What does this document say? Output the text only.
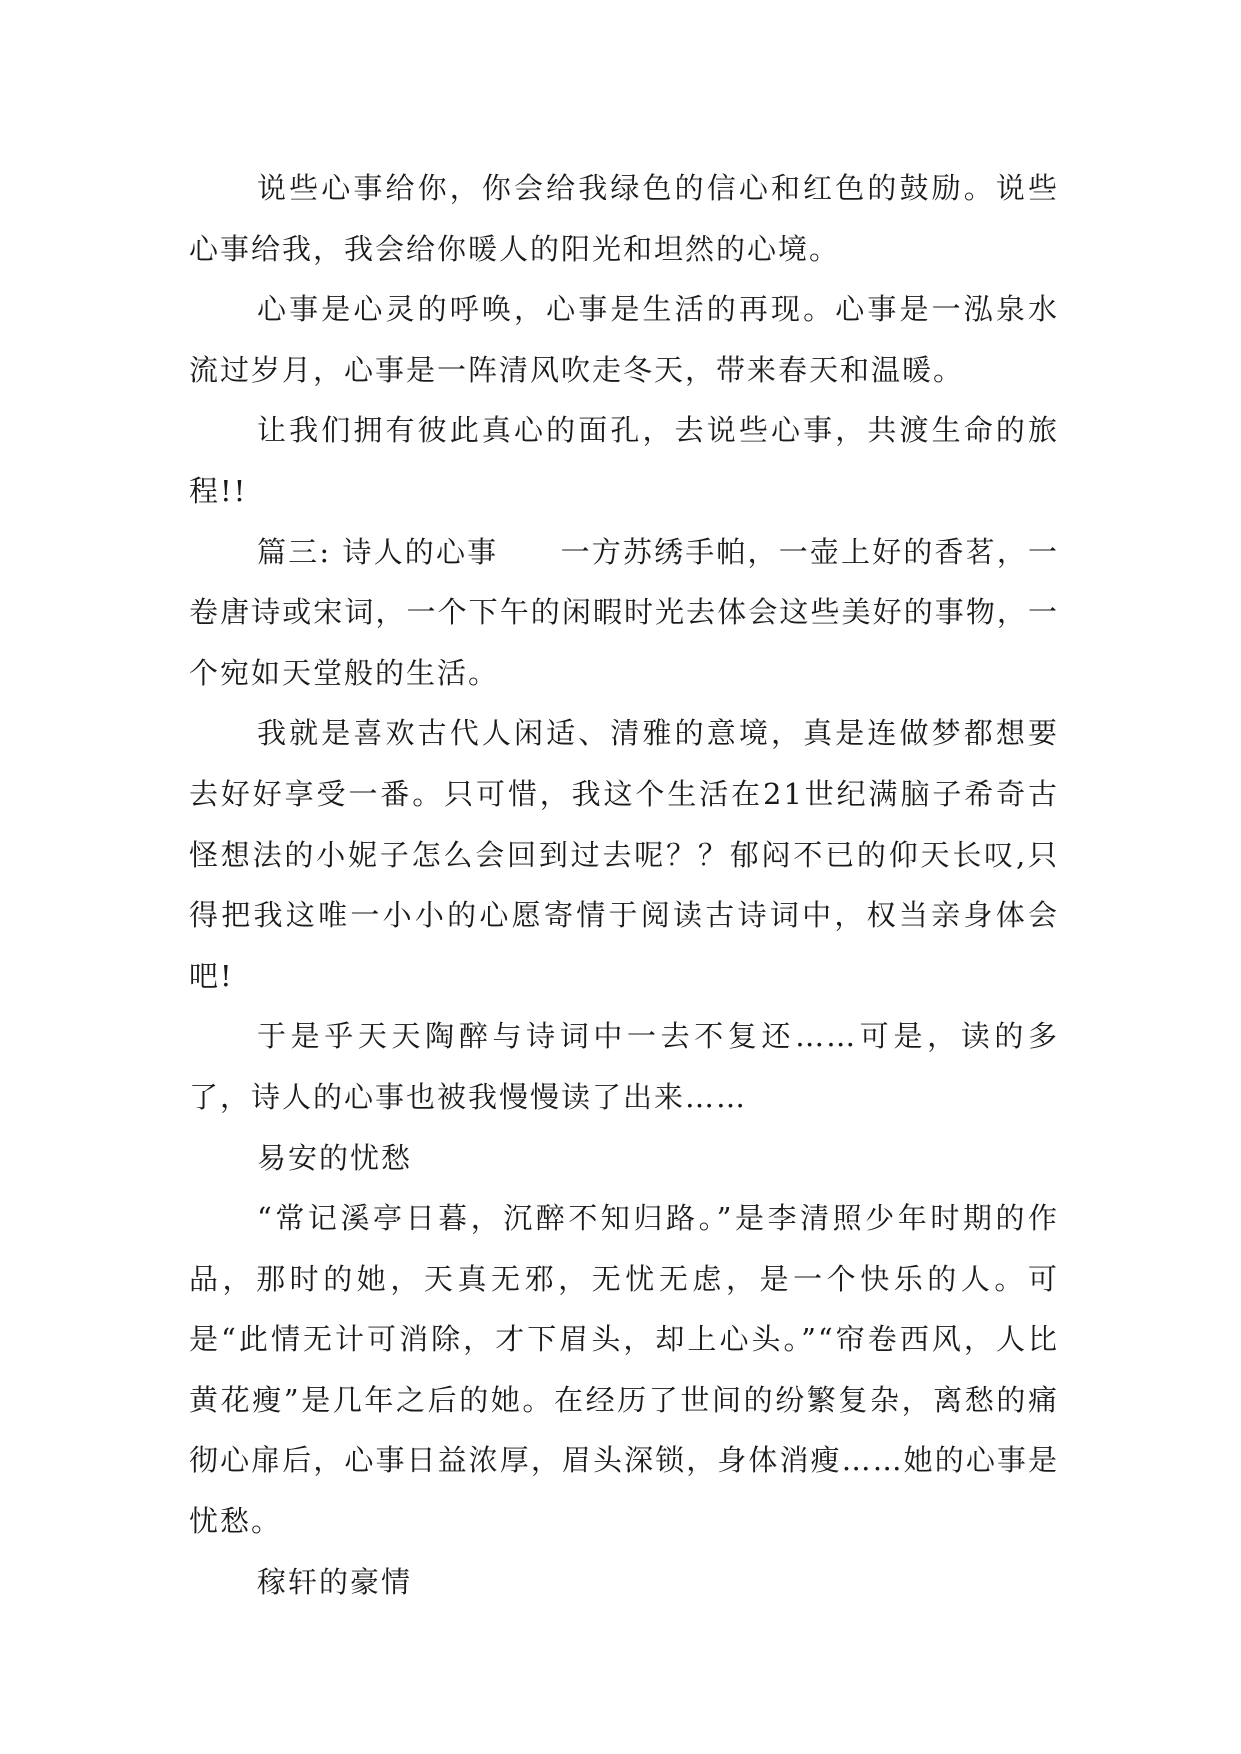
说些心事给你，你会给我绿色的信心和红色的鼓励。说些心事给我，我会给你暖人的阳光和坦然的心境。

心事是心灵的呼唤，心事是生活的再现。心事是一泓泉水流过岁月，心事是一阵清风吹走冬天，带来春天和温暖。

让我们拥有彼此真心的面孔，去说些心事，共渡生命的旅程!!

篇三: 诗人的心事　　一方苏绣手帕，一壶上好的香茗，一卷唐诗或宋词，一个下午的闲暇时光去体会这些美好的事物，一个宛如天堂般的生活。

我就是喜欢古代人闲适、清雅的意境，真是连做梦都想要去好好享受一番。只可惜，我这个生活在21世纪满脑子希奇古怪想法的小妮子怎么会回到过去呢？？郁闷不已的仰天长叹,只得把我这唯一小小的心愿寄情于阅读古诗词中，权当亲身体会吧!

于是乎天天陶醉与诗词中一去不复还……可是，读的多了，诗人的心事也被我慢慢读了出来……

易安的忧愁

“常记溪亭日暮，沉醉不知归路。”是李清照少年时期的作品，那时的她，天真无邪，无忧无虑，是一个快乐的人。可是“此情无计可消除，才下眉头，却上心头。”“帘卷西风，人比黄花瘦”是几年之后的她。在经历了世间的纷繁复杂，离愁的痛彻心扉后，心事日益浓厚，眉头深锁，身体消瘦……她的心事是忧愁。

稼轩的豪情
